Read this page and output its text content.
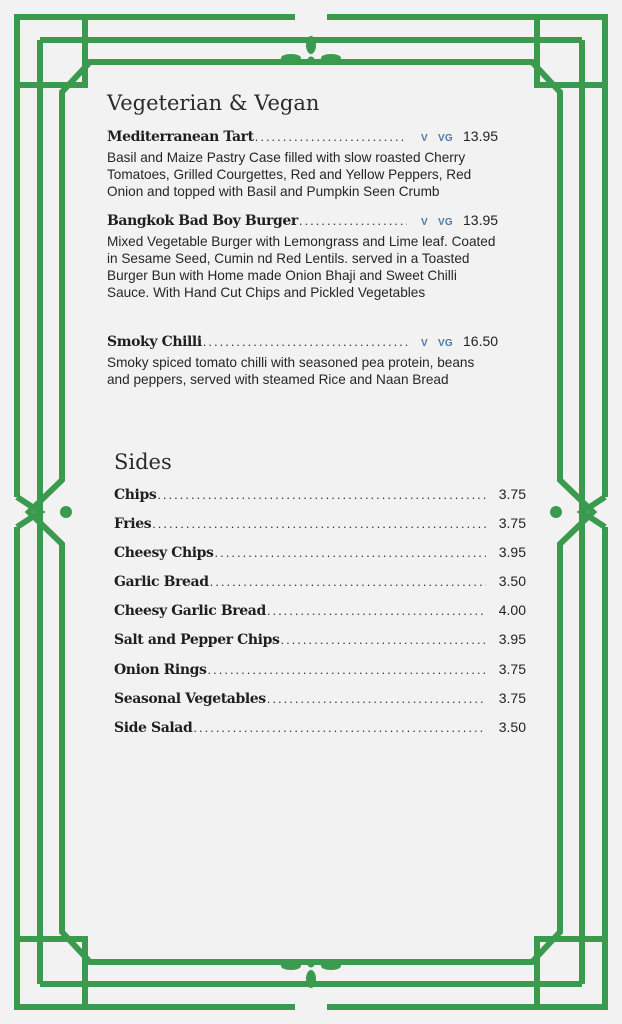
Vegeterian & Vegan
Mediterranean Tart .....	V VG 13.95

Basil and Maize Pastry Case filled with slow roasted Cherry Tomatoes, Grilled Courgettes, Red and Yellow Peppers, Red Onion and topped with Basil and Pumpkin Seen Crumb

Bangkok Bad Boy Burger .....	V VG 13.95

Mixed Vegetable Burger with Lemongrass and Lime leaf. Coated in Sesame Seed, Cumin nd Red Lentils. served in a Toasted Burger Bun with Home made Onion Bhaji and Sweet Chilli Sauce. With Hand Cut Chips and Pickled Vegetables

Smoky Chilli .....	V VG 16.50

Smoky spiced tomato chilli with seasoned pea protein, beans and peppers, served with steamed Rice and Naan Bread

Sides
Chips .....	3.75
Fries .....	3.75
Cheesy Chips .....	3.95
Garlic Bread .....	3.50
Cheesy Garlic Bread .....	4.00
Salt and Pepper Chips .....	3.95
Onion Rings .....	3.75
Seasonal Vegetables .....	3.75
Side Salad .....	3.50
